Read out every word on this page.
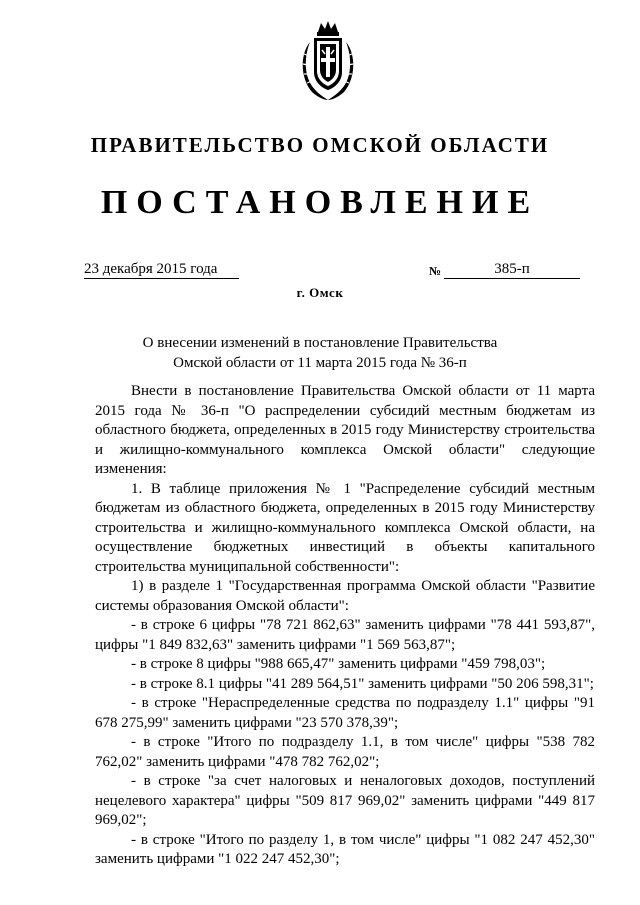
ПРАВИТЕЛЬСТВО ОМСКОЙ ОБЛАСТИ
ПОСТАНОВЛЕНИЕ
23 декабря 2015 года	№	385-п
г. Омск
О внесении изменений в постановление Правительства
Омской области от 11 марта 2015 года № 36-п

Внести в постановление Правительства Омской области от 11 марта 2015 года № 36-п "О распределении субсидий местным бюджетам из областного бюджета, определенных в 2015 году Министерству строительства и жилищно-коммунального комплекса Омской области" следующие изменения:

1. В таблице приложения № 1 "Распределение субсидий местным бюджетам из областного бюджета, определенных в 2015 году Министерству строительства и жилищно-коммунального комплекса Омской области, на осуществление бюджетных инвестиций в объекты капитального строительства муниципальной собственности":

1) в разделе 1 "Государственная программа Омской области "Развитие системы образования Омской области":

- в строке 6 цифры "78 721 862,63" заменить цифрами "78 441 593,87", цифры "1 849 832,63" заменить цифрами "1 569 563,87";

- в строке 8 цифры "988 665,47" заменить цифрами "459 798,03";

- в строке 8.1 цифры "41 289 564,51" заменить цифрами "50 206 598,31";

- в строке "Нераспределенные средства по подразделу 1.1" цифры "91 678 275,99" заменить цифрами "23 570 378,39";

- в строке "Итого по подразделу 1.1, в том числе" цифры "538 782 762,02" заменить цифрами "478 782 762,02";

- в строке "за счет налоговых и неналоговых доходов, поступлений нецелевого характера" цифры "509 817 969,02" заменить цифрами "449 817 969,02";

- в строке "Итого по разделу 1, в том числе" цифры "1 082 247 452,30" заменить цифрами "1 022 247 452,30";
